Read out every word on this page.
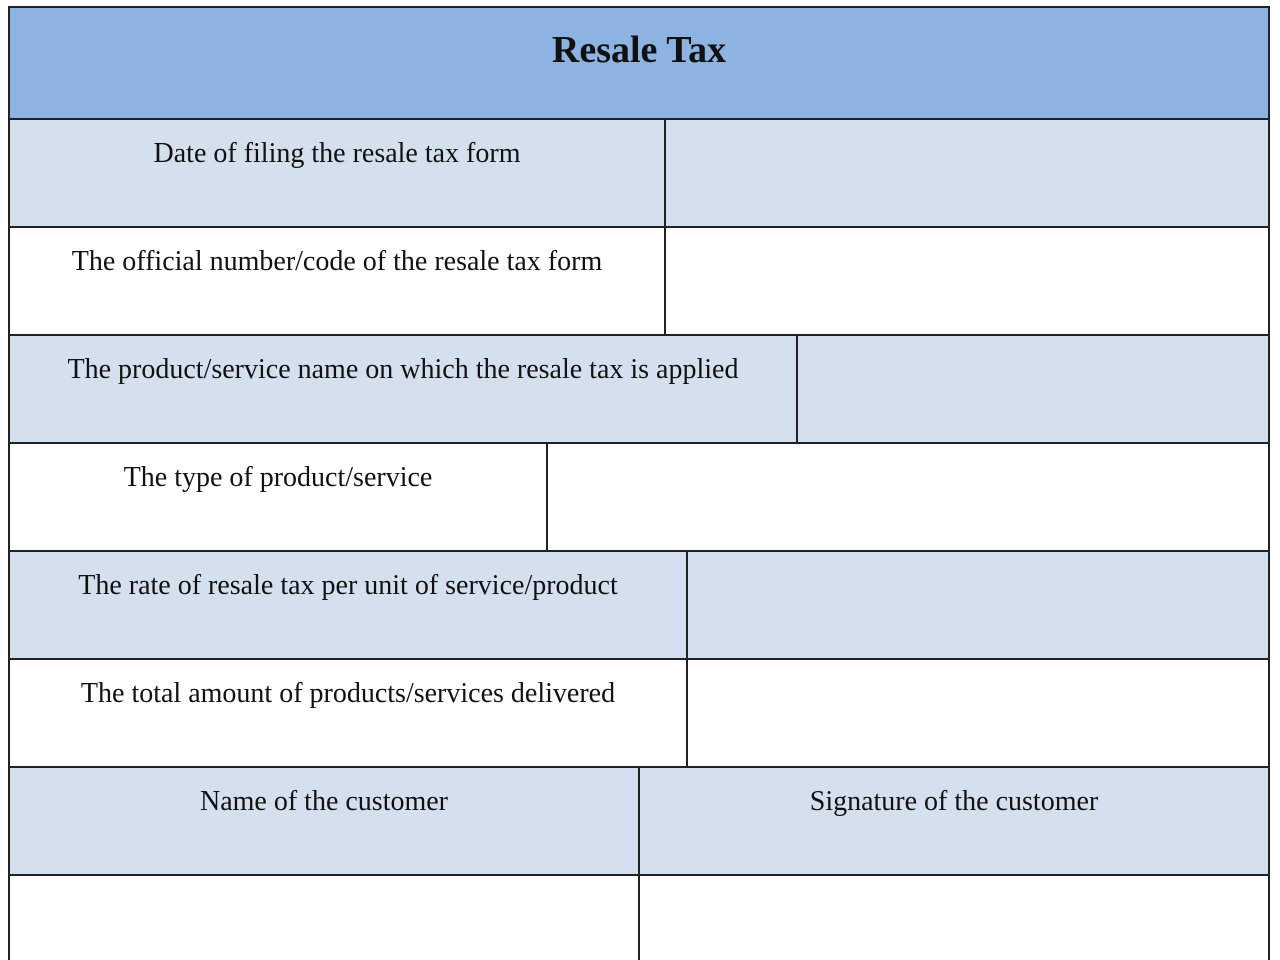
Resale Tax
Date of filing the resale tax form
The official number/code of the resale tax form
The product/service name on which the resale tax is applied
The type of product/service
The rate of resale tax per unit of service/product
The total amount of products/services delivered
Name of the customer	Signature of the customer
